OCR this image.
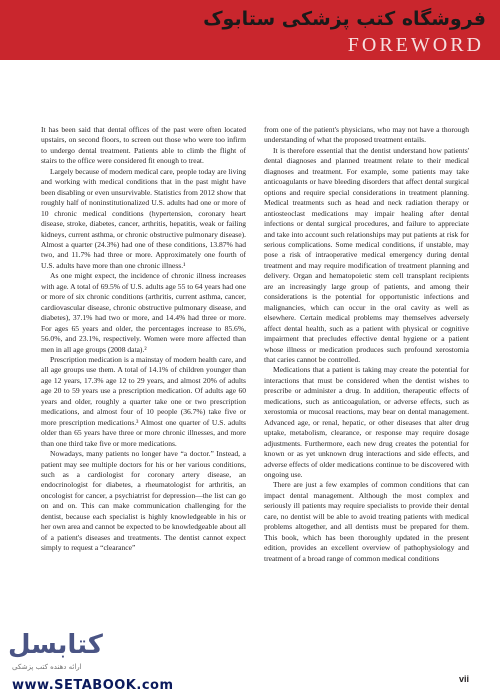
فروشگاه کتب پزشکی ستابوک
FOREWORD

It has been said that dental offices of the past were often located upstairs, on second floors, to screen out those who were too infirm to undergo dental treatment. Patients able to climb the flight of stairs to the office were considered fit enough to treat.

Largely because of modern medical care, people today are living and working with medical conditions that in the past might have been disabling or even unsurvivable. Statistics from 2012 show that roughly half of noninstitutionalized U.S. adults had one or more of 10 chronic medical conditions (hypertension, coronary heart disease, stroke, diabetes, cancer, arthritis, hepatitis, weak or failing kidneys, current asthma, or chronic obstructive pulmonary disease). Almost a quarter (24.3%) had one of these conditions, 13.87% had two, and 11.7% had three or more. Approximately one fourth of U.S. adults have more than one chronic illness.¹

As one might expect, the incidence of chronic illness increases with age. A total of 69.5% of U.S. adults age 55 to 64 years had one or more of six chronic conditions (arthritis, current asthma, cancer, cardiovascular disease, chronic obstructive pulmonary disease, and diabetes), 37.1% had two or more, and 14.4% had three or more. For ages 65 years and older, the percentages increase to 85.6%, 56.0%, and 23.1%, respectively. Women were more affected than men in all age groups (2008 data).²

Prescription medication is a mainstay of modern health care, and all age groups use them. A total of 14.1% of children younger than age 12 years, 17.3% age 12 to 29 years, and almost 20% of adults age 20 to 59 years use a prescription medication. Of adults age 60 years and older, roughly a quarter take one or two prescription medications, and almost four of 10 people (36.7%) take five or more prescription medications.³ Almost one quarter of U.S. adults older than 65 years have three or more chronic illnesses, and more than one third take five or more medications.

Nowadays, many patients no longer have “a doctor.” Instead, a patient may see multiple doctors for his or her various conditions, such as a cardiologist for coronary artery disease, an endocrinologist for diabetes, a rheumatologist for arthritis, an oncologist for cancer, a psychiatrist for depression—the list can go on and on. This can make communication challenging for the dentist, because each specialist is highly knowledgeable in his or her own area and cannot be expected to be knowledgeable about all of a patient's diseases and treatments. The dentist cannot expect simply to request a “clearance”

from one of the patient's physicians, who may not have a thorough understanding of what the proposed treatment entails.

It is therefore essential that the dentist understand how patients' dental diagnoses and planned treatment relate to their medical diagnoses and treatment. For example, some patients may take anticoagulants or have bleeding disorders that affect dental surgical options and require special considerations in treatment planning. Medical treatments such as head and neck radiation therapy or antiosteoclast medications may impair healing after dental infections or dental surgical procedures, and failure to appreciate and take into account such relationships may put patients at risk for serious complications. Some medical conditions, if unstable, may pose a risk of intraoperative medical emergency during dental treatment and may require modification of treatment planning and delivery. Organ and hematopoietic stem cell transplant recipients are an increasingly large group of patients, and among their considerations is the potential for opportunistic infections and malignancies, which can occur in the oral cavity as well as elsewhere. Certain medical problems may themselves adversely affect dental health, such as a patient with physical or cognitive impairment that precludes effective dental hygiene or a patient whose illness or medication produces such profound xerostomia that caries cannot be controlled.

Medications that a patient is taking may create the potential for interactions that must be considered when the dentist wishes to prescribe or administer a drug. In addition, therapeutic effects of medications, such as anticoagulation, or adverse effects, such as xerostomia or mucosal reactions, may bear on dental management. Advanced age, or renal, hepatic, or other diseases that alter drug uptake, metabolism, clearance, or response may require dosage adjustments. Furthermore, each new drug creates the potential for known or as yet unknown drug interactions and side effects, and adverse effects of older medications continue to be discovered with ongoing use.

There are just a few examples of common conditions that can impact dental management. Although the most complex and seriously ill patients may require specialists to provide their dental care, no dentist will be able to avoid treating patients with medical problems altogether, and all dentists must be prepared for them. This book, which has been thoroughly updated in the present edition, provides an excellent overview of pathophysiology and treatment of a broad range of common medical conditions

کتابسل
ارائه دهنده کتب پزشکی
www.SETABOOK.com	vii
